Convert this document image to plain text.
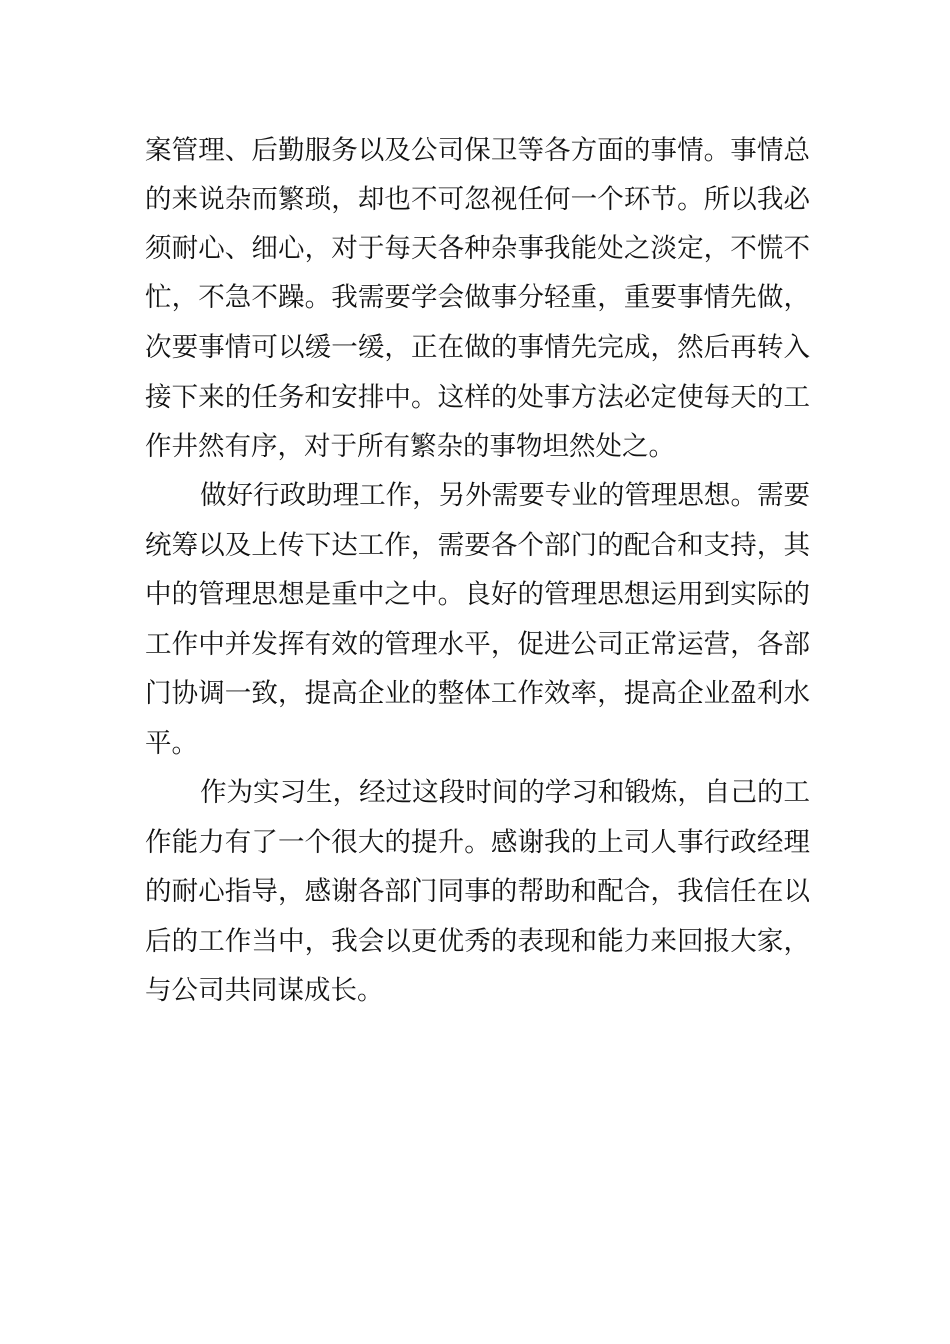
案管理、后勤服务以及公司保卫等各方面的事情。事情总
的来说杂而繁琐，却也不可忽视任何一个环节。所以我必
须耐心、细心，对于每天各种杂事我能处之淡定，不慌不
忙，不急不躁。我需要学会做事分轻重，重要事情先做，
次要事情可以缓一缓，正在做的事情先完成，然后再转入
接下来的任务和安排中。这样的处事方法必定使每天的工
作井然有序，对于所有繁杂的事物坦然处之。
做好行政助理工作，另外需要专业的管理思想。需要
统筹以及上传下达工作，需要各个部门的配合和支持，其
中的管理思想是重中之中。良好的管理思想运用到实际的
工作中并发挥有效的管理水平，促进公司正常运营，各部
门协调一致，提高企业的整体工作效率，提高企业盈利水
平。
作为实习生，经过这段时间的学习和锻炼，自己的工
作能力有了一个很大的提升。感谢我的上司人事行政经理
的耐心指导，感谢各部门同事的帮助和配合，我信任在以
后的工作当中，我会以更优秀的表现和能力来回报大家，
与公司共同谋成长。
